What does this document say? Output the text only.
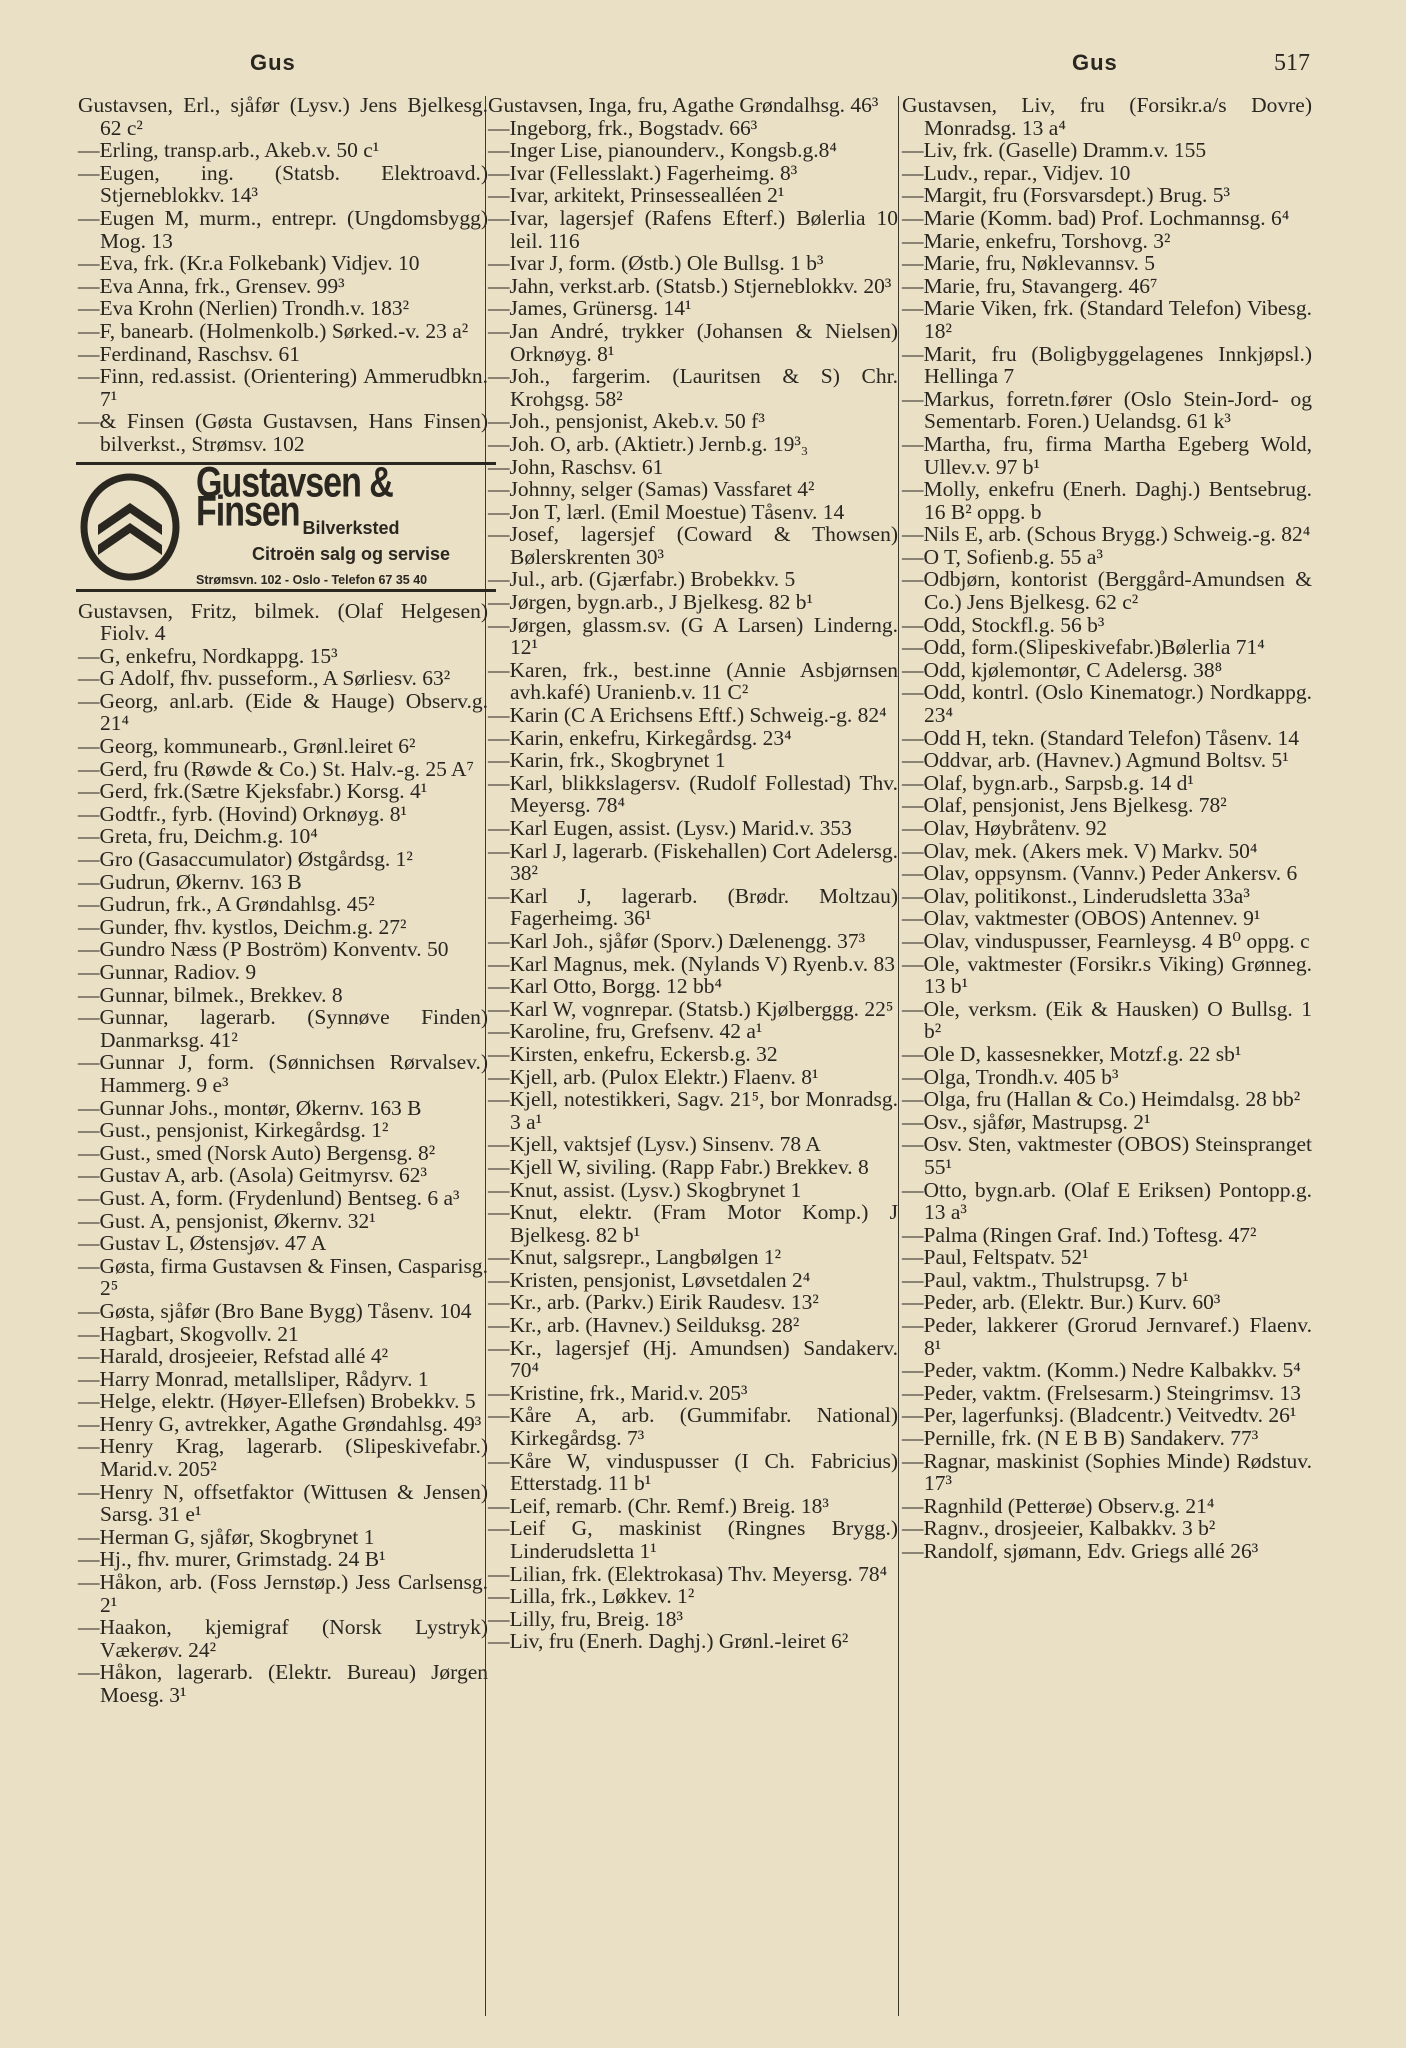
Gus	Gus	517

Gustavsen, Erl., sjåfør (Lysv.) Jens Bjelkesg. 62 c²

—Erling, transp.arb., Akeb.v. 50 c¹

—Eugen, ing. (Statsb. Elektroavd.) Stjerneblokkv. 14³

—Eugen M, murm., entrepr. (Ungdomsbygg) Mog. 13

—Eva, frk. (Kr.a Folkebank) Vidjev. 10

—Eva Anna, frk., Grensev. 99³

—Eva Krohn (Nerlien) Trondh.v. 183²

—F, banearb. (Holmenkolb.) Sørked.-v. 23 a²

—Ferdinand, Raschsv. 61

—Finn, red.assist. (Orientering) Ammerudbkn. 7¹

—& Finsen (Gøsta Gustavsen, Hans Finsen) bilverkst., Strømsv. 102

Gustavsen & Finsen Bilverksted
Citroën salg og servise
Strømsvn. 102 - Oslo - Telefon 67 35 40

Gustavsen, Fritz, bilmek. (Olaf Helgesen) Fiolv. 4

—G, enkefru, Nordkappg. 15³

—G Adolf, fhv. pusseform., A Sørliesv. 63²

—Georg, anl.arb. (Eide & Hauge) Observ.g. 21⁴

—Georg, kommunearb., Grønl.leiret 6²

—Gerd, fru (Røwde & Co.) St. Halv.-g. 25 A⁷

—Gerd, frk.(Sætre Kjeksfabr.) Korsg. 4¹

—Godtfr., fyrb. (Hovind) Orknøyg. 8¹

—Greta, fru, Deichm.g. 10⁴

—Gro (Gasaccumulator) Østgårdsg. 1²

—Gudrun, Økernv. 163 B

—Gudrun, frk., A Grøndahlsg. 45²

—Gunder, fhv. kystlos, Deichm.g. 27²

—Gundro Næss (P Boström) Konventv. 50

—Gunnar, Radiov. 9

—Gunnar, bilmek., Brekkev. 8

—Gunnar, lagerarb. (Synnøve Finden) Danmarksg. 41²

—Gunnar J, form. (Sønnichsen Rørvalsev.) Hammerg. 9 e³

—Gunnar Johs., montør, Økernv. 163 B

—Gust., pensjonist, Kirkegårdsg. 1²

—Gust., smed (Norsk Auto) Bergensg. 8²

—Gustav A, arb. (Asola) Geitmyrsv. 62³

—Gust. A, form. (Frydenlund) Bentseg. 6 a³

—Gust. A, pensjonist, Økernv. 32¹

—Gustav L, Østensjøv. 47 A

—Gøsta, firma Gustavsen & Finsen, Casparisg. 2⁵

—Gøsta, sjåfør (Bro Bane Bygg) Tåsenv. 104

—Hagbart, Skogvollv. 21

—Harald, drosjeeier, Refstad allé 4²

—Harry Monrad, metallsliper, Rådyrv. 1

—Helge, elektr. (Høyer-Ellefsen) Brobekkv. 5

—Henry G, avtrekker, Agathe Grøndahlsg. 49³

—Henry Krag, lagerarb. (Slipeskivefabr.) Marid.v. 205²

—Henry N, offsetfaktor (Wittusen & Jensen) Sarsg. 31 e¹

—Herman G, sjåfør, Skogbrynet 1

—Hj., fhv. murer, Grimstadg. 24 B¹

—Håkon, arb. (Foss Jernstøp.) Jess Carlsensg. 2¹

—Haakon, kjemigraf (Norsk Lystryk) Vækerøv. 24²

—Håkon, lagerarb. (Elektr. Bureau) Jørgen Moesg. 3¹

Gustavsen, Inga, fru, Agathe Grøndalhsg. 46³

—Ingeborg, frk., Bogstadv. 66³

—Inger Lise, pianounderv., Kongsb.g.8⁴

—Ivar (Fellesslakt.) Fagerheimg. 8³

—Ivar, arkitekt, Prinsessealléen 2¹

—Ivar, lagersjef (Rafens Efterf.) Bølerlia 10 leil. 116

—Ivar J, form. (Østb.) Ole Bullsg. 1 b³

—Jahn, verkst.arb. (Statsb.) Stjerneblokkv. 20³

—James, Grünersg. 14¹

—Jan André, trykker (Johansen & Nielsen) Orknøyg. 8¹

—Joh., fargerim. (Lauritsen & S) Chr. Krohgsg. 58²

—Joh., pensjonist, Akeb.v. 50 f³

—Joh. O, arb. (Aktietr.) Jernb.g. 19³₃

—John, Raschsv. 61

—Johnny, selger (Samas) Vassfaret 4²

—Jon T, lærl. (Emil Moestue) Tåsenv. 14

—Josef, lagersjef (Coward & Thowsen) Bølerskrenten 30³

—Jul., arb. (Gjærfabr.) Brobekkv. 5

—Jørgen, bygn.arb., J Bjelkesg. 82 b¹

—Jørgen, glassm.sv. (G A Larsen) Linderng. 12¹

—Karen, frk., best.inne (Annie Asbjørnsen avh.kafé) Uranienb.v. 11 C²

—Karin (C A Erichsens Eftf.) Schweig.-g. 82⁴

—Karin, enkefru, Kirkegårdsg. 23⁴

—Karin, frk., Skogbrynet 1

—Karl, blikkslagersv. (Rudolf Follestad) Thv. Meyersg. 78⁴

—Karl Eugen, assist. (Lysv.) Marid.v. 353

—Karl J, lagerarb. (Fiskehallen) Cort Adelersg. 38²

—Karl J, lagerarb. (Brødr. Moltzau) Fagerheimg. 36¹

—Karl Joh., sjåfør (Sporv.) Dælenengg. 37³

—Karl Magnus, mek. (Nylands V) Ryenb.v. 83

—Karl Otto, Borgg. 12 bb⁴

—Karl W, vognrepar. (Statsb.) Kjølberggg. 22⁵

—Karoline, fru, Grefsenv. 42 a¹

—Kirsten, enkefru, Eckersb.g. 32

—Kjell, arb. (Pulox Elektr.) Flaenv. 8¹

—Kjell, notestikkeri, Sagv. 21⁵, bor Monradsg. 3 a¹

—Kjell, vaktsjef (Lysv.) Sinsenv. 78 A

—Kjell W, siviling. (Rapp Fabr.) Brekkev. 8

—Knut, assist. (Lysv.) Skogbrynet 1

—Knut, elektr. (Fram Motor Komp.) J Bjelkesg. 82 b¹

—Knut, salgsrepr., Langbølgen 1²

—Kristen, pensjonist, Løvsetdalen 2⁴

—Kr., arb. (Parkv.) Eirik Raudesv. 13²

—Kr., arb. (Havnev.) Seilduksg. 28²

—Kr., lagersjef (Hj. Amundsen) Sandakerv. 70⁴

—Kristine, frk., Marid.v. 205³

—Kåre A, arb. (Gummifabr. National) Kirkegårdsg. 7³

—Kåre W, vinduspusser (I Ch. Fabricius) Etterstadg. 11 b¹

—Leif, remarb. (Chr. Remf.) Breig. 18³

—Leif G, maskinist (Ringnes Brygg.) Linderudsletta 1¹

—Lilian, frk. (Elektrokasa) Thv. Meyersg. 78⁴

—Lilla, frk., Løkkev. 1²

—Lilly, fru, Breig. 18³

—Liv, fru (Enerh. Daghj.) Grønl.-leiret 6²

Gustavsen, Liv, fru (Forsikr.a/s Dovre) Monradsg. 13 a⁴

—Liv, frk. (Gaselle) Dramm.v. 155

—Ludv., repar., Vidjev. 10

—Margit, fru (Forsvarsdept.) Brug. 5³

—Marie (Komm. bad) Prof. Lochmannsg. 6⁴

—Marie, enkefru, Torshovg. 3²

—Marie, fru, Nøklevannsv. 5

—Marie, fru, Stavangerg. 46⁷

—Marie Viken, frk. (Standard Telefon) Vibesg. 18²

—Marit, fru (Boligbyggelagenes Innkjøpsl.) Hellinga 7

—Markus, forretn.fører (Oslo Stein-Jord- og Sementarb. Foren.) Uelandsg. 61 k³

—Martha, fru, firma Martha Egeberg Wold, Ullev.v. 97 b¹

—Molly, enkefru (Enerh. Daghj.) Bentsebrug. 16 B² oppg. b

—Nils E, arb. (Schous Brygg.) Schweig.-g. 82⁴

—O T, Sofienb.g. 55 a³

—Odbjørn, kontorist (Berggård-Amundsen & Co.) Jens Bjelkesg. 62 c²

—Odd, Stockfl.g. 56 b³

—Odd, form.(Slipeskivefabr.)Bølerlia 71⁴

—Odd, kjølemontør, C Adelersg. 38⁸

—Odd, kontrl. (Oslo Kinematogr.) Nordkappg. 23⁴

—Odd H, tekn. (Standard Telefon) Tåsenv. 14

—Oddvar, arb. (Havnev.) Agmund Boltsv. 5¹

—Olaf, bygn.arb., Sarpsb.g. 14 d¹

—Olaf, pensjonist, Jens Bjelkesg. 78²

—Olav, Høybråtenv. 92

—Olav, mek. (Akers mek. V) Markv. 50⁴

—Olav, oppsynsm. (Vannv.) Peder Ankersv. 6

—Olav, politikonst., Linderudsletta 33a³

—Olav, vaktmester (OBOS) Antennev. 9¹

—Olav, vinduspusser, Fearnleysg. 4 B⁰ oppg. c

—Ole, vaktmester (Forsikr.s Viking) Grønneg. 13 b¹

—Ole, verksm. (Eik & Hausken) O Bullsg. 1 b²

—Ole D, kassesnekker, Motzf.g. 22 sb¹

—Olga, Trondh.v. 405 b³

—Olga, fru (Hallan & Co.) Heimdalsg. 28 bb²

—Osv., sjåfør, Mastrupsg. 2¹

—Osv. Sten, vaktmester (OBOS) Steinspranget 55¹

—Otto, bygn.arb. (Olaf E Eriksen) Pontopp.g. 13 a³

—Palma (Ringen Graf. Ind.) Toftesg. 47²

—Paul, Feltspatv. 52¹

—Paul, vaktm., Thulstrupsg. 7 b¹

—Peder, arb. (Elektr. Bur.) Kurv. 60³

—Peder, lakkerer (Grorud Jernvaref.) Flaenv. 8¹

—Peder, vaktm. (Komm.) Nedre Kalbakkv. 5⁴

—Peder, vaktm. (Frelsesarm.) Steingrimsv. 13

—Per, lagerfunksj. (Bladcentr.) Veitvedtv. 26¹

—Pernille, frk. (N E B B) Sandakerv. 77³

—Ragnar, maskinist (Sophies Minde) Rødstuv. 17³

—Ragnhild (Petterøe) Observ.g. 21⁴

—Ragnv., drosjeeier, Kalbakkv. 3 b²

—Randolf, sjømann, Edv. Griegs allé 26³
